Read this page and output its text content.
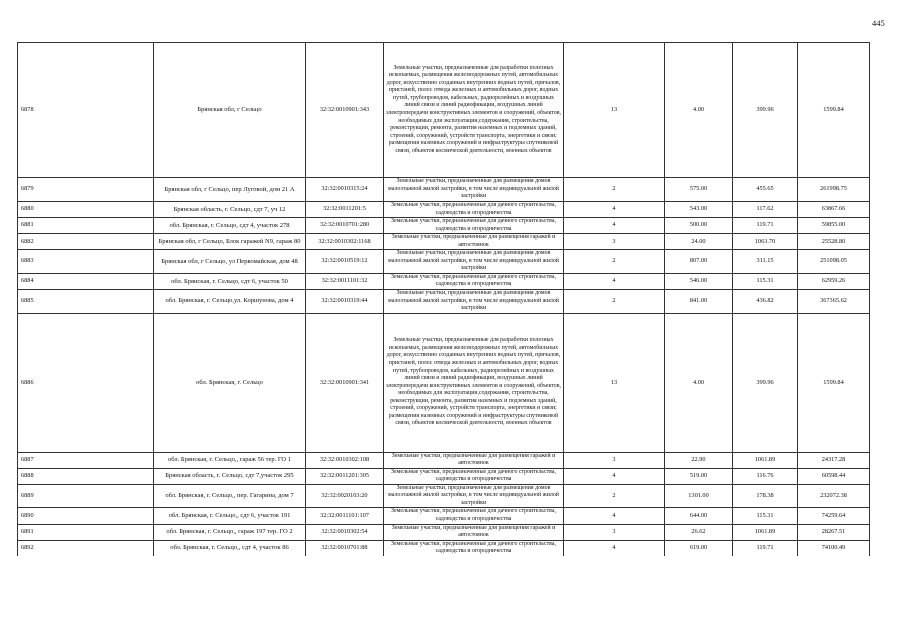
445
6878	Брянская обл, г Сельцо	32:32:0010901:343	Земельные участки, предназначенные для разработки полезных ископаемых, размещения железнодорожных путей, автомобильных дорог, искусственно созданных внутренних водных путей, причалов, пристаней, полос отвода железных и автомобильных дорог, водных путей, трубопроводов, кабельных, радиорелейных и воздушных линий связи и линий радиофикации, воздушных линий электропередачи конструктивных элементов и сооружений, объектов, необходимых для эксплуатации,содержания, строительства, реконструкции, ремонта, развития наземных и подземных зданий, строений, сооружений, устройств транспорта, энергетики и связи; размещения наземных сооружений и инфраструктуры спутниковой связи, объектов космической деятельности, военных объектов	13	4.00	399.96	1599.84
6879	Брянская обл, г Сельцо, пер Луговой, дом 21 А	32:32:0010315:24	Земельные участки, предназначенные для размещения домов малоэтажной жилой застройки, в том числе индивидуальной жилой застройки	2	575.00	455.65	261998.75
6880	Брянская область, г. Сельцо, сдт 7, уч 12	32:32:0011201:5	Земельные участки, предназначенные для дачного строительства, садоводства и огородничества	4	543.00	117.62	63867.66
6881	обл. Брянская, г. Сельцо, сдт 4, участок 278	32:32:0010701:280	Земельные участки, предназначенные для дачного строительства, садоводства и огородничества	4	500.00	119.71	59855.00
6882	Брянская обл, г Сельцо, Блок гаражей N9, гараж 80	32:32:0010302:1168	Земельные участки, предназначенные для размещения гаражей и автостоянок	3	24.00	1063.70	25528.80
6883	Брянская обл, г Сельцо, ул Первомайская, дом 48	32:32:0010519:12	Земельные участки, предназначенные для размещения домов малоэтажной жилой застройки, в том числе индивидуальной жилой застройки	2	807.00	311.15	251098.05
6884	обл. Брянская, г. Сельцо, сдт 6, участок 50	32:32:0011101:32	Земельные участки, предназначенные для дачного строительства, садоводства и огородничества	4	546.00	115.31	62959.26
6885	обл. Брянская, г. Сельцо,ул. Коршунова, дом 4	32:32:0010319:44	Земельные участки, предназначенные для размещения домов малоэтажной жилой застройки, в том числе индивидуальной жилой застройки	2	841.00	436.82	367365.62
6886	обл. Брянская, г. Сельцо	32:32:0010901:341	Земельные участки, предназначенные для разработки полезных ископаемых, размещения железнодорожных путей, автомобильных дорог, искусственно созданных внутренних водных путей, причалов, пристаней, полос отвода железных и автомобильных дорог, водных путей, трубопроводов, кабельных, радиорелейных и воздушных линий связи и линий радиофикации, воздушных линий электропередачи конструктивных элементов и сооружений, объектов, необходимых для эксплуатации,содержания, строительства, реконструкции, ремонта, развития наземных и подземных зданий, строений, сооружений, устройств транспорта, энергетики и связи; размещения наземных сооружений и инфраструктуры спутниковой связи, объектов космической деятельности, военных объектов	13	4.00	399.96	1599.84
6887	обл. Брянская, г. Сельцо,, гараж 56 тер. ГО 1	32:32:0010302:108	Земельные участки, предназначенные для размещения гаражей и автостоянок	3	22.90	1061.89	24317.28
6888	Брянская область, г. Сельцо, сдт 7,участок 295	32:32:0011201:305	Земельные участки, предназначенные для дачного строительства, садоводства и огородничества	4	519.00	116.76	60598.44
6889	обл. Брянская, г. Сельцо,, пер. Гагарина, дом 7	32:32:0020103:20	Земельные участки, предназначенные для размещения домов малоэтажной жилой застройки, в том числе индивидуальной жилой застройки	2	1301.00	178.38	232072.38
6890	обл. Брянская, г. Сельцо,, сдт 6, участок 191	32:32:0011101:107	Земельные участки, предназначенные для дачного строительства, садоводства и огородничества	4	644.00	115.31	74259.64
6891	обл. Брянская, г. Сельцо,, гараж 197 тер. ГО 2	32:32:0010302:54	Земельные участки, предназначенные для размещения гаражей и автостоянок	3	26.62	1061.89	28267.51
6892	обл. Брянская, г. Сельцо,, сдт 4, участок 86	32:32:0010701:88	Земельные участки, предназначенные для дачного строительства, садоводства и огородничества	4	619.00	119.71	74100.49
